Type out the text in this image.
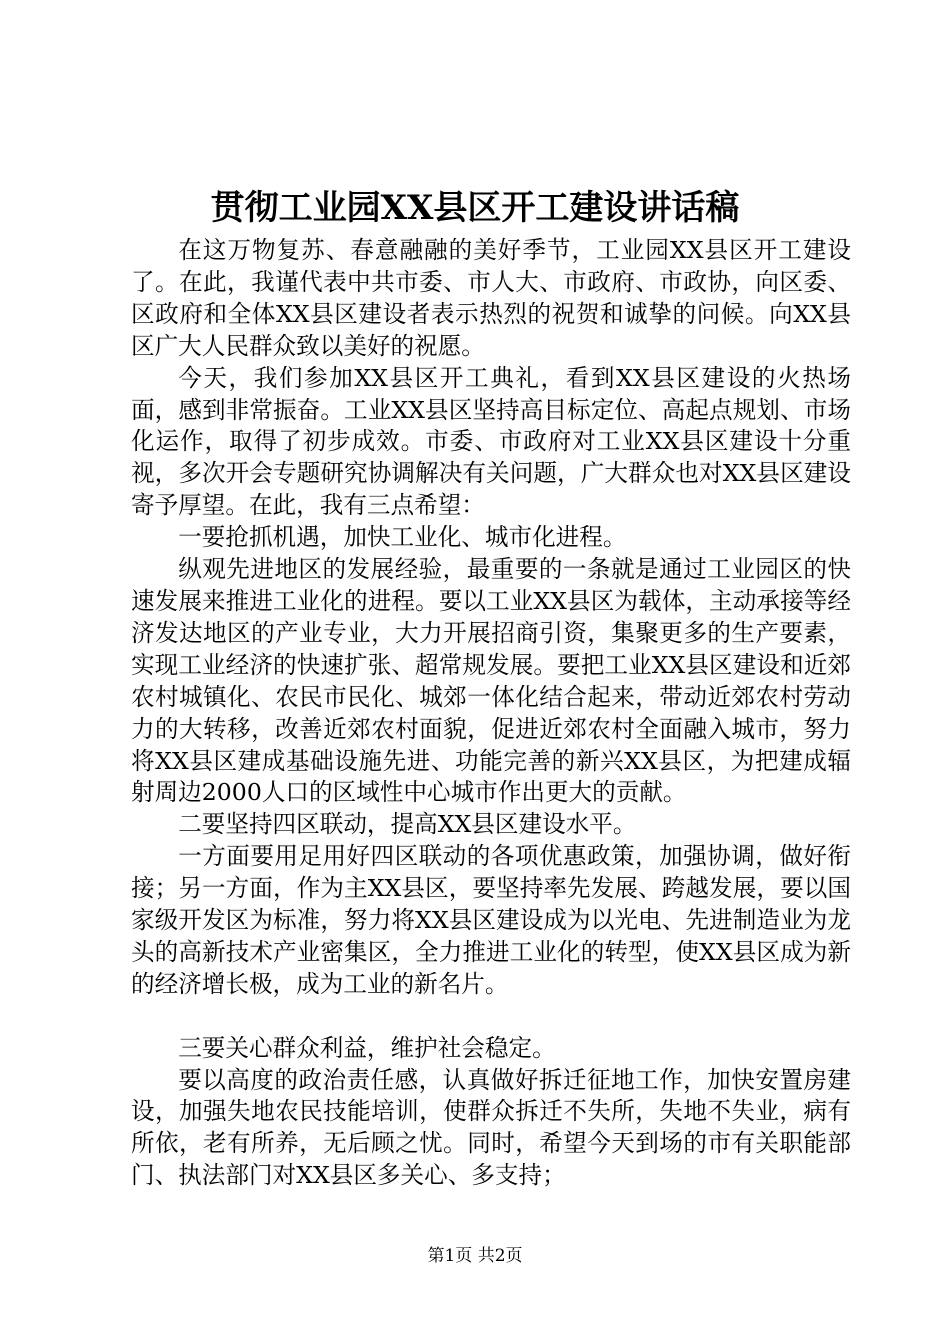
贯彻工业园XX县区开工建设讲话稿

在这万物复苏、春意融融的美好季节，工业园XX县区开工建设了。在此，我谨代表中共市委、市人大、市政府、市政协，向区委、区政府和全体XX县区建设者表示热烈的祝贺和诚挚的问候。向XX县区广大人民群众致以美好的祝愿。

今天，我们参加XX县区开工典礼，看到XX县区建设的火热场面，感到非常振奋。工业XX县区坚持高目标定位、高起点规划、市场化运作，取得了初步成效。市委、市政府对工业XX县区建设十分重视，多次开会专题研究协调解决有关问题，广大群众也对XX县区建设寄予厚望。在此，我有三点希望：

一要抢抓机遇，加快工业化、城市化进程。

纵观先进地区的发展经验，最重要的一条就是通过工业园区的快速发展来推进工业化的进程。要以工业XX县区为载体，主动承接等经济发达地区的产业专业，大力开展招商引资，集聚更多的生产要素，实现工业经济的快速扩张、超常规发展。要把工业XX县区建设和近郊农村城镇化、农民市民化、城郊一体化结合起来，带动近郊农村劳动力的大转移，改善近郊农村面貌，促进近郊农村全面融入城市，努力将XX县区建成基础设施先进、功能完善的新兴XX县区，为把建成辐射周边2000人口的区域性中心城市作出更大的贡献。

二要坚持四区联动，提高XX县区建设水平。

一方面要用足用好四区联动的各项优惠政策，加强协调，做好衔接；另一方面，作为主XX县区，要坚持率先发展、跨越发展，要以国家级开发区为标准，努力将XX县区建设成为以光电、先进制造业为龙头的高新技术产业密集区，全力推进工业化的转型，使XX县区成为新的经济增长极，成为工业的新名片。

三要关心群众利益，维护社会稳定。

要以高度的政治责任感，认真做好拆迁征地工作，加快安置房建设，加强失地农民技能培训，使群众拆迁不失所，失地不失业，病有所依，老有所养，无后顾之忧。同时，希望今天到场的市有关职能部门、执法部门对XX县区多关心、多支持；

第1页 共2页
